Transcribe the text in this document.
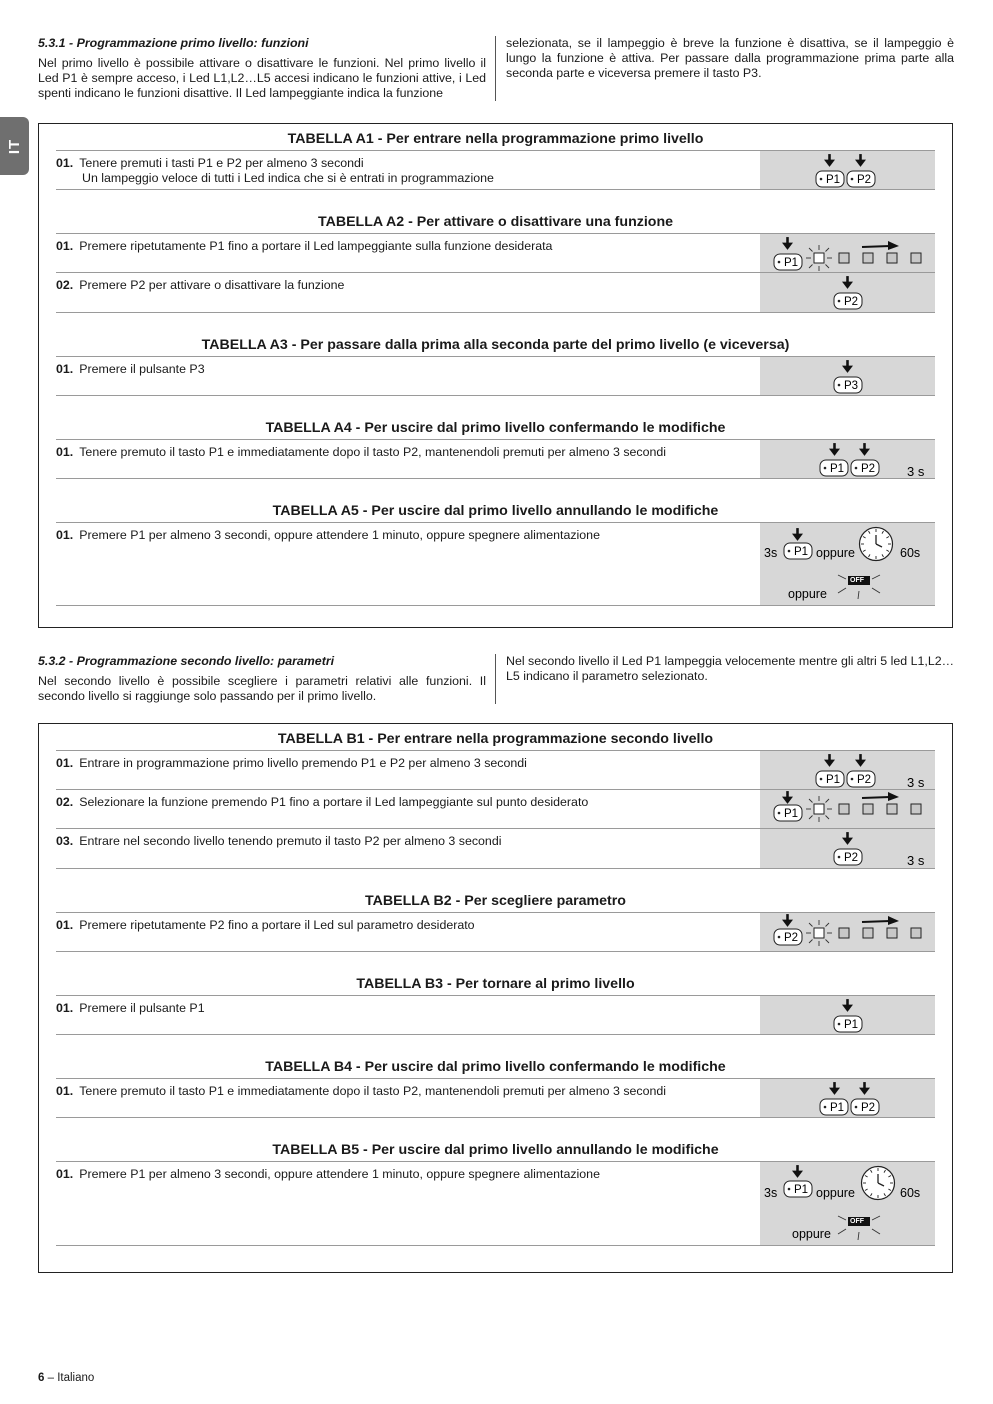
IT
5.3.1 - Programmazione primo livello: funzioni

Nel primo livello è possibile attivare o disattivare le funzioni. Nel primo livello il Led P1 è sempre acceso, i Led L1,L2…L5 accesi indicano le funzioni attive, i Led spenti indicano le funzioni disattive. Il Led lampeggiante indica la funzione

selezionata, se il lampeggio è breve la funzione è disattiva, se il lampeggio è lungo la funzione è attiva. Per passare dalla programmazione prima parte alla seconda parte e viceversa premere il tasto P3.

TABELLA A1 - Per entrare nella programmazione primo livello
01. Tenere premuti i tasti P1 e P2 per almeno 3 secondi
Un lampeggio veloce di tutti i Led indica che si è entrati in programmazione	P1 P2
TABELLA A2 - Per attivare o disattivare una funzione
01. Premere ripetutamente P1 fino a portare il Led lampeggiante sulla funzione desiderata
P1
02. Premere P2 per attivare o disattivare la funzione
P2
TABELLA A3 - Per passare dalla prima alla seconda parte del primo livello (e viceversa)
01. Premere il pulsante P3
P3
TABELLA A4 - Per uscire dal primo livello confermando le modifiche
01. Tenere premuto il tasto P1 e immediatamente dopo il tasto P2, mantenendoli premuti per almeno 3 secondi
P1 P2 3 s
TABELLA A5 - Per uscire dal primo livello annullando le modifiche
01. Premere P1 per almeno 3 secondi, oppure attendere 1 minuto, oppure spegnere alimentazione
3s P1 oppure	60s
oppure
OFF
5.3.2 - Programmazione secondo livello: parametri

Nel secondo livello è possibile scegliere i parametri relativi alle funzioni. Il secondo livello si raggiunge solo passando per il primo livello.

Nel secondo livello il Led P1 lampeggia velocemente mentre gli altri 5 led L1,L2…L5 indicano il parametro selezionato.

TABELLA B1 - Per entrare nella programmazione secondo livello
01. Entrare in programmazione primo livello premendo P1 e P2 per almeno 3 secondi
P1 P2	3 s
02. Selezionare la funzione premendo P1 fino a portare il Led lampeggiante sul punto desiderato
P1
03. Entrare nel secondo livello tenendo premuto il tasto P2 per almeno 3 secondi
P2	3 s
TABELLA B2 - Per scegliere parametro
01. Premere ripetutamente P2 fino a portare il Led sul parametro desiderato
P2
TABELLA B3 - Per tornare al primo livello
01. Premere il pulsante P1
P1
TABELLA B4 - Per uscire dal primo livello confermando le modifiche
01. Tenere premuto il tasto P1 e immediatamente dopo il tasto P2, mantenendoli premuti per almeno 3 secondi
P1 P2
TABELLA B5 - Per uscire dal primo livello annullando le modifiche
01. Premere P1 per almeno 3 secondi, oppure attendere 1 minuto, oppure spegnere alimentazione
3s P1 oppure	60s
oppure
OFF
6 – Italiano
